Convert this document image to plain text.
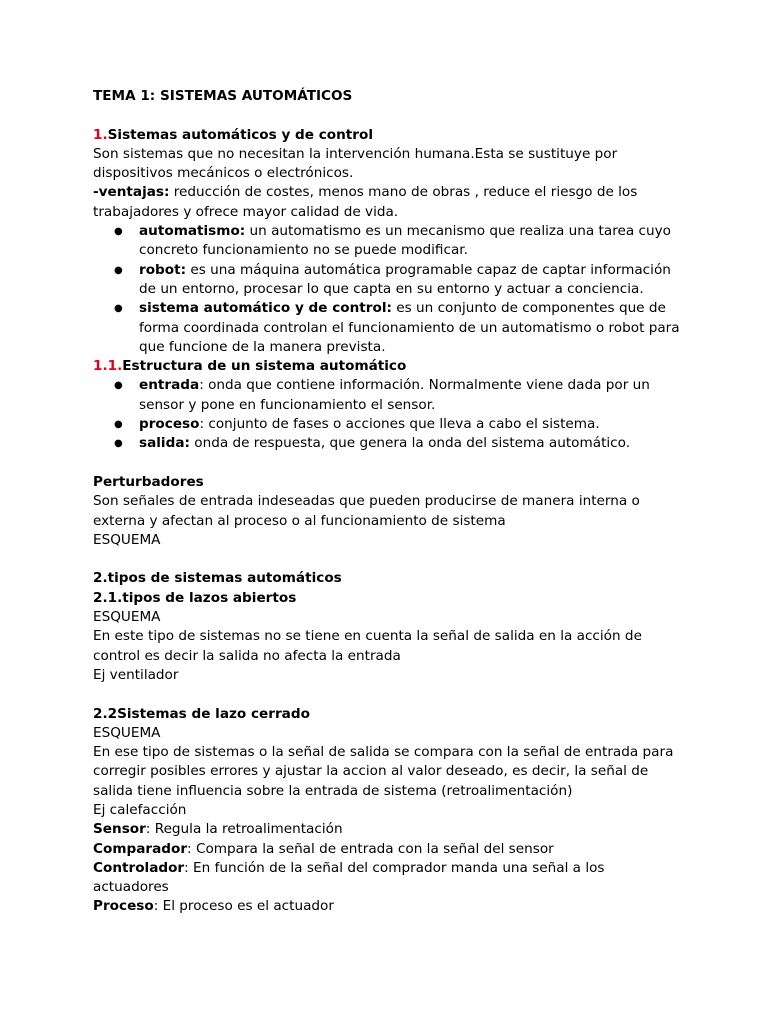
TEMA 1: SISTEMAS AUTOMÁTICOS

1.Sistemas automáticos y de control

Son sistemas que no necesitan la intervención humana.Esta se sustituye por dispositivos mecánicos o electrónicos.

-ventajas: reducción de costes, menos mano de obras , reduce el riesgo de los trabajadores y ofrece mayor calidad de vida.

● automatismo: un automatismo es un mecanismo que realiza una tarea cuyo concreto funcionamiento no se puede modificar.
● robot: es una máquina automática programable capaz de captar información de un entorno, procesar lo que capta en su entorno y actuar a conciencia.
● sistema automático y de control: es un conjunto de componentes que de forma coordinada controlan el funcionamiento de un automatismo o robot para que funcione de la manera prevista.

1.1.Estructura de un sistema automático

● entrada: onda que contiene información. Normalmente viene dada por un sensor y pone en funcionamiento el sensor.
● proceso: conjunto de fases o acciones que lleva a cabo el sistema.
● salida: onda de respuesta, que genera la onda del sistema automático.

Perturbadores

Son señales de entrada indeseadas que pueden producirse de manera interna o externa y afectan al proceso o al funcionamiento de sistema

ESQUEMA

2.tipos de sistemas automáticos

2.1.tipos de lazos abiertos

ESQUEMA

En este tipo de sistemas no se tiene en cuenta la señal de salida en la acción de control es decir la salida no afecta la entrada

Ej ventilador

2.2Sistemas de lazo cerrado

ESQUEMA

En ese tipo de sistemas o la señal de salida se compara con la señal de entrada para corregir posibles errores y ajustar la accion al valor deseado, es decir, la señal de salida tiene influencia sobre la entrada de sistema (retroalimentación)

Ej calefacción

Sensor: Regula la retroalimentación

Comparador: Compara la señal de entrada con la señal del sensor

Controlador: En función de la señal del comprador manda una señal a los actuadores

Proceso: El proceso es el actuador
